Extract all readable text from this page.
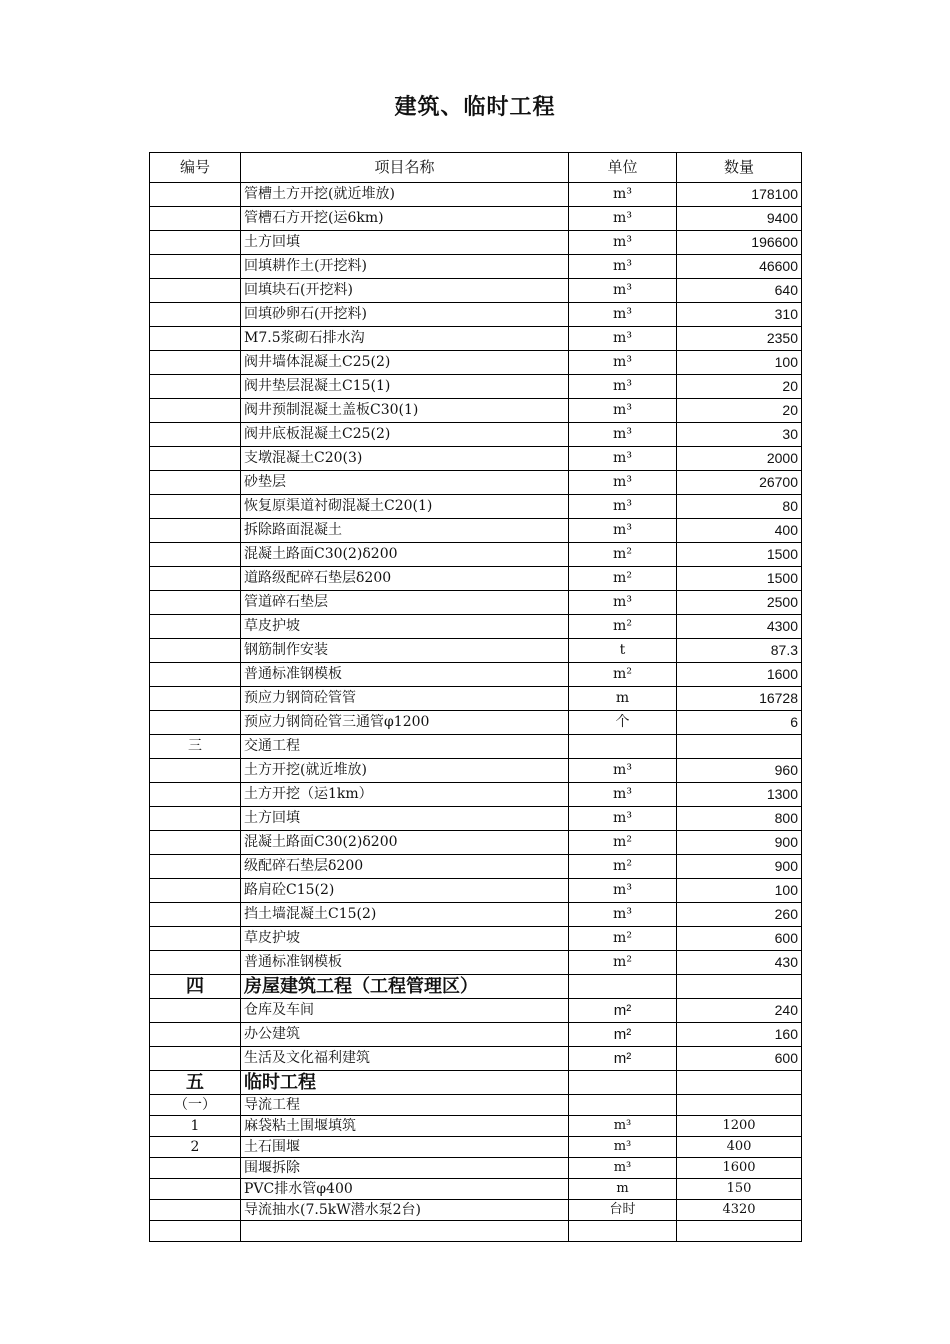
建筑、临时工程
编号	项目名称	单位	数量
	管槽土方开挖(就近堆放)	m³	178100
	管槽石方开挖(运6km)	m³	9400
	土方回填	m³	196600
	回填耕作土(开挖料)	m³	46600
	回填块石(开挖料)	m³	640
	回填砂卵石(开挖料)	m³	310
	M7.5浆砌石排水沟	m³	2350
	阀井墙体混凝土C25(2)	m³	100
	阀井垫层混凝土C15(1)	m³	20
	阀井预制混凝土盖板C30(1)	m³	20
	阀井底板混凝土C25(2)	m³	30
	支墩混凝土C20(3)	m³	2000
	砂垫层	m³	26700
	恢复原渠道衬砌混凝土C20(1)	m³	80
	拆除路面混凝土	m³	400
	混凝土路面C30(2)δ200	m²	1500
	道路级配碎石垫层δ200	m²	1500
	管道碎石垫层	m³	2500
	草皮护坡	m²	4300
	钢筋制作安装	t	87.3
	普通标准钢模板	m²	1600
	预应力钢筒砼管管	m	16728
	预应力钢筒砼管三通管φ1200	个	6
三	交通工程		
	土方开挖(就近堆放)	m³	960
	土方开挖（运1km）	m³	1300
	土方回填	m³	800
	混凝土路面C30(2)δ200	m²	900
	级配碎石垫层δ200	m²	900
	路肩砼C15(2)	m³	100
	挡土墙混凝土C15(2)	m³	260
	草皮护坡	m²	600
	普通标准钢模板	m²	430
四	房屋建筑工程（工程管理区）		
	仓库及车间	m²	240
	办公建筑	m²	160
	生活及文化福利建筑	m²	600
五	临时工程		
（一）	导流工程		
1	麻袋粘土围堰填筑	m³	1200
2	土石围堰	m³	400
	围堰拆除	m³	1600
	PVC排水管φ400	m	150
	导流抽水(7.5kW潜水泵2台)	台时	4320
